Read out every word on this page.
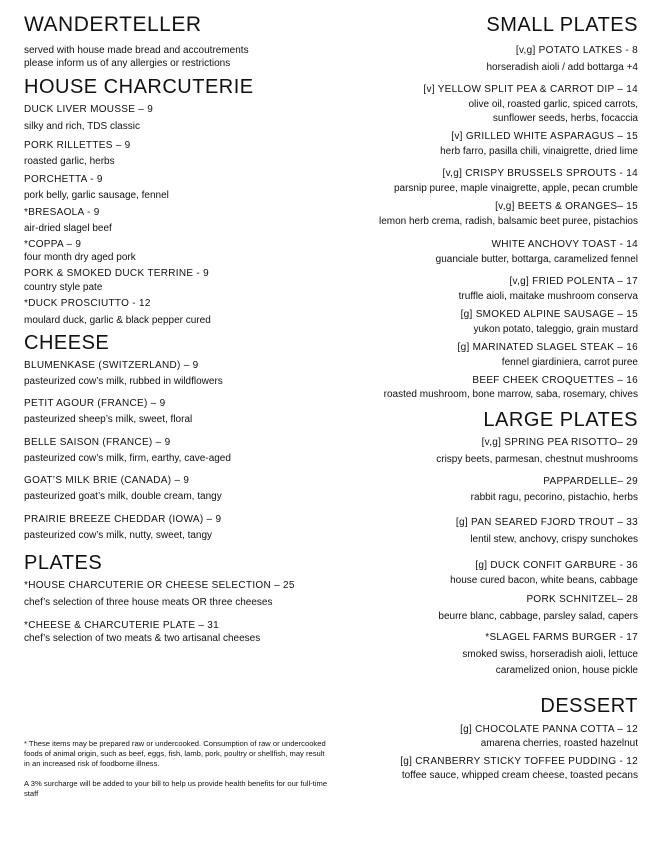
WANDERTELLER
served with house made bread and accoutrements
please inform us of any allergies or restrictions
HOUSE CHARCUTERIE
DUCK LIVER MOUSSE – 9
silky and rich, TDS classic
PORK RILLETTES – 9
roasted garlic, herbs
PORCHETTA - 9
pork belly, garlic sausage, fennel
*BRESAOLA - 9
air-dried slagel beef
*COPPA – 9
four month dry aged pork
PORK & SMOKED DUCK TERRINE - 9
country style pate
*DUCK PROSCIUTTO - 12
moulard duck, garlic & black pepper cured
CHEESE
BLUMENKASE (SWITZERLAND) – 9
pasteurized cow’s milk, rubbed in wildflowers
PETIT AGOUR (FRANCE) – 9
pasteurized sheep’s milk, sweet, floral
BELLE SAISON (FRANCE) – 9
pasteurized cow’s milk, firm, earthy, cave-aged
GOAT’S MILK BRIE (CANADA) – 9
pasteurized goat’s milk, double cream, tangy
PRAIRIE BREEZE CHEDDAR (IOWA) – 9
pasteurized cow’s milk, nutty, sweet, tangy
PLATES
*HOUSE CHARCUTERIE OR CHEESE SELECTION – 25
chef’s selection of three house meats OR three cheeses
*CHEESE & CHARCUTERIE PLATE – 31
chef’s selection of two meats & two artisanal cheeses
* These items may be prepared raw or undercooked. Consumption of raw or undercooked foods of animal origin, such as beef, eggs, fish, lamb, pork, poultry or shellfish, may result in an increased risk of foodborne illness.
A 3% surcharge will be added to your bill to help us provide health benefits for our full-time staff
SMALL PLATES
[v,g] POTATO LATKES - 8
horseradish aioli / add bottarga +4
[v] YELLOW SPLIT PEA & CARROT DIP – 14
olive oil, roasted garlic, spiced carrots,
sunflower seeds, herbs, focaccia
[v] GRILLED WHITE ASPARAGUS – 15
herb farro, pasilla chili, vinaigrette, dried lime
[v,g] CRISPY BRUSSELS SPROUTS - 14
parsnip puree, maple vinaigrette, apple, pecan crumble
[v,g] BEETS & ORANGES– 15
lemon herb crema, radish, balsamic beet puree, pistachios
WHITE ANCHOVY TOAST - 14
guanciale butter, bottarga, caramelized fennel
[v,g] FRIED POLENTA – 17
truffle aioli, maitake mushroom conserva
[g] SMOKED ALPINE SAUSAGE – 15
yukon potato, taleggio, grain mustard
[g] MARINATED SLAGEL STEAK – 16
fennel giardiniera, carrot puree
BEEF CHEEK CROQUETTES – 16
roasted mushroom, bone marrow, saba, rosemary, chives
LARGE PLATES
[v,g] SPRING PEA RISOTTO– 29
crispy beets, parmesan, chestnut mushrooms
PAPPARDELLE– 29
rabbit ragu, pecorino, pistachio, herbs
[g] PAN SEARED FJORD TROUT – 33
lentil stew, anchovy, crispy sunchokes
[g] DUCK CONFIT GARBURE - 36
house cured bacon, white beans, cabbage
PORK SCHNITZEL– 28
beurre blanc, cabbage, parsley salad, capers
*SLAGEL FARMS BURGER - 17
smoked swiss, horseradish aioli, lettuce
caramelized onion, house pickle
DESSERT
[g] CHOCOLATE PANNA COTTA – 12
amarena cherries, roasted hazelnut
[g] CRANBERRY STICKY TOFFEE PUDDING - 12
toffee sauce, whipped cream cheese, toasted pecans
